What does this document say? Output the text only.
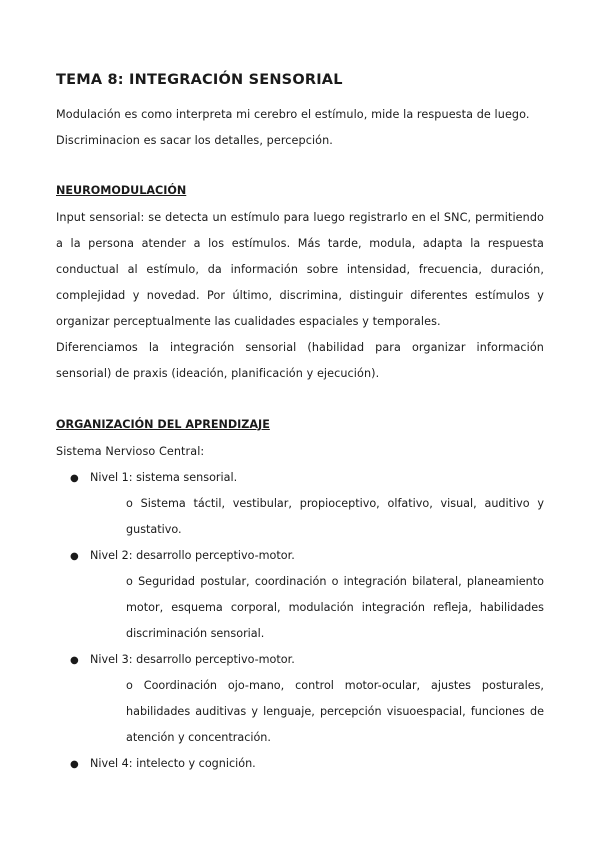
TEMA 8: INTEGRACIÓN SENSORIAL

Modulación es como interpreta mi cerebro el estímulo, mide la respuesta de luego.

Discriminacion es sacar los detalles, percepción.

NEUROMODULACIÓN

Input sensorial: se detecta un estímulo para luego registrarlo en el SNC, permitiendo a la persona atender a los estímulos. Más tarde, modula, adapta la respuesta conductual al estímulo, da información sobre intensidad, frecuencia, duración, complejidad y novedad. Por último, discrimina, distinguir diferentes estímulos y organizar perceptualmente las cualidades espaciales y temporales.

Diferenciamos la integración sensorial (habilidad para organizar información sensorial) de praxis (ideación, planificación y ejecución).

ORGANIZACIÓN DEL APRENDIZAJE

Sistema Nervioso Central:

● Nivel 1: sistema sensorial.

o Sistema táctil, vestibular, propioceptivo, olfativo, visual, auditivo y gustativo.

● Nivel 2: desarrollo perceptivo-motor.

o Seguridad postular, coordinación o integración bilateral, planeamiento motor, esquema corporal, modulación integración refleja, habilidades discriminación sensorial.

● Nivel 3: desarrollo perceptivo-motor.

o Coordinación ojo-mano, control motor-ocular, ajustes posturales, habilidades auditivas y lenguaje, percepción visuoespacial, funciones de atención y concentración.

● Nivel 4: intelecto y cognición.
